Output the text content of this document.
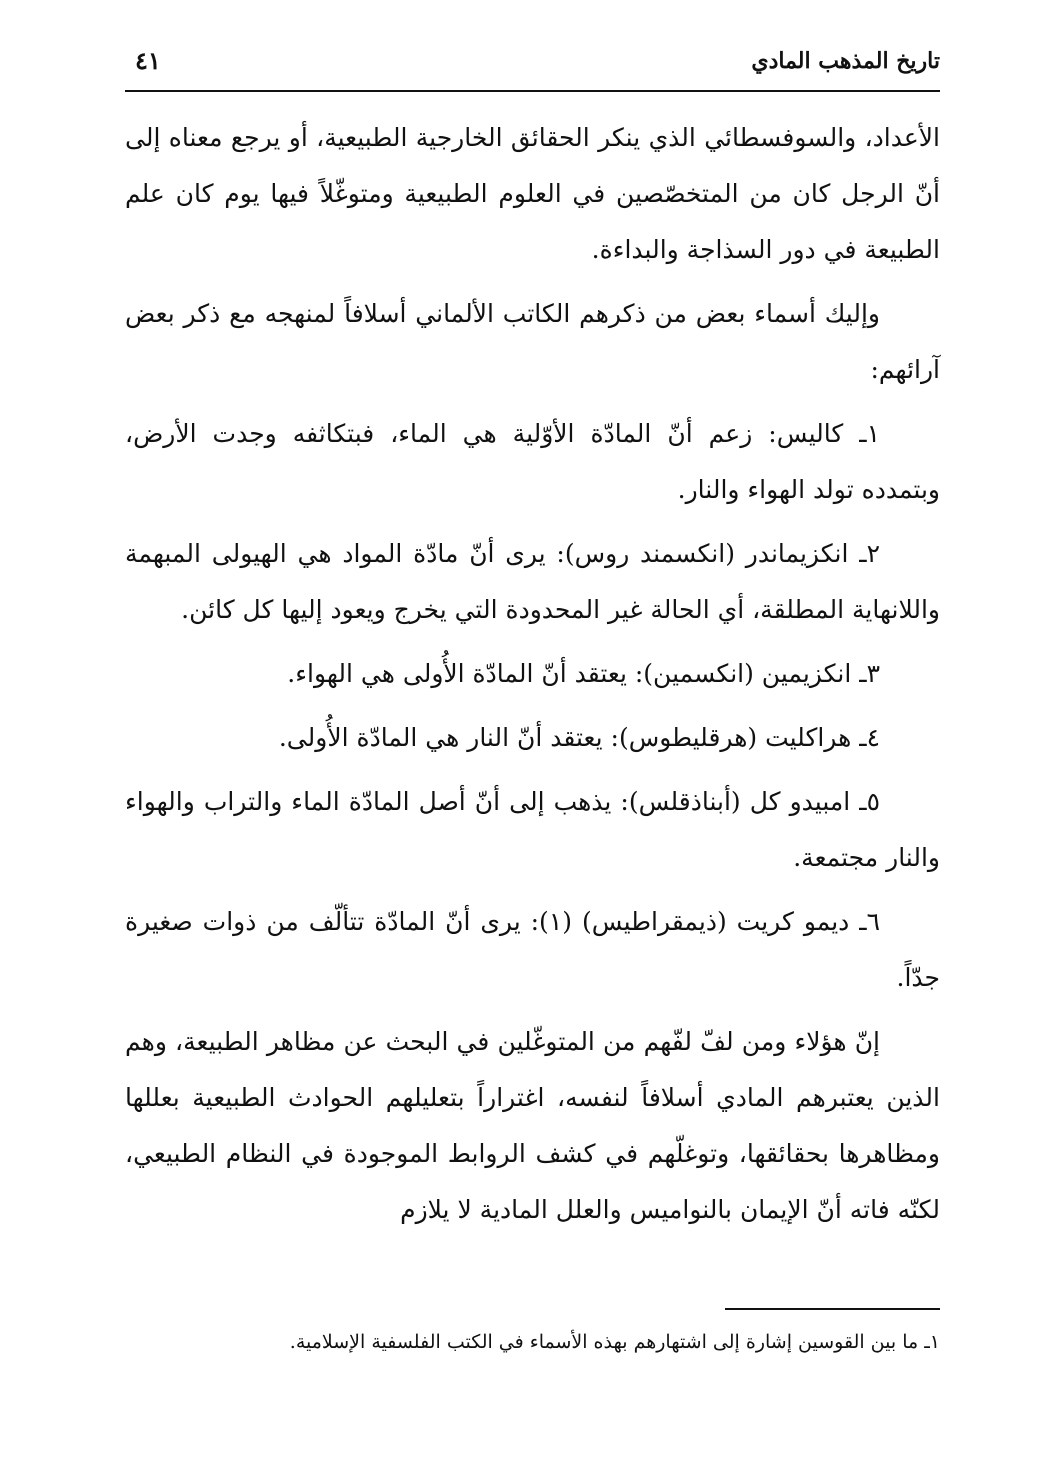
تاريخ المذهب المادي
٤١

الأعداد، والسوفسطائي الذي ينكر الحقائق الخارجية الطبيعية، أو يرجع معناه إلى أنّ الرجل كان من المتخصّصين في العلوم الطبيعية ومتوغّلاً فيها يوم كان علم الطبيعة في دور السذاجة والبداءة.

وإليك أسماء بعض من ذكرهم الكاتب الألماني أسلافاً لمنهجه مع ذكر بعض آرائهم:

١ـ كاليس: زعم أنّ المادّة الأوّلية هي الماء، فبتكاثفه وجدت الأرض، وبتمدده تولد الهواء والنار.

٢ـ انكزيماندر (انكسمند روس): يرى أنّ مادّة المواد هي الهيولى المبهمة واللانهاية المطلقة، أي الحالة غير المحدودة التي يخرج ويعود إليها كل كائن.

٣ـ انكزيمين (انكسمين): يعتقد أنّ المادّة الأُولى هي الهواء.

٤ـ هراكليت (هرقليطوس): يعتقد أنّ النار هي المادّة الأُولى.

٥ـ امبيدو كل (أبناذقلس): يذهب إلى أنّ أصل المادّة الماء والتراب والهواء والنار مجتمعة.

٦ـ ديمو كريت (ذيمقراطيس) (١): يرى أنّ المادّة تتألّف من ذوات صغيرة جدّاً.

إنّ هؤلاء ومن لفّ لفّهم من المتوغّلين في البحث عن مظاهر الطبيعة، وهم الذين يعتبرهم المادي أسلافاً لنفسه، اغتراراً بتعليلهم الحوادث الطبيعية بعللها ومظاهرها بحقائقها، وتوغلّهم في كشف الروابط الموجودة في النظام الطبيعي، لكنّه فاته أنّ الإيمان بالنواميس والعلل المادية لا يلازم

١ـ ما بين القوسين إشارة إلى اشتهارهم بهذه الأسماء في الكتب الفلسفية الإسلامية.
